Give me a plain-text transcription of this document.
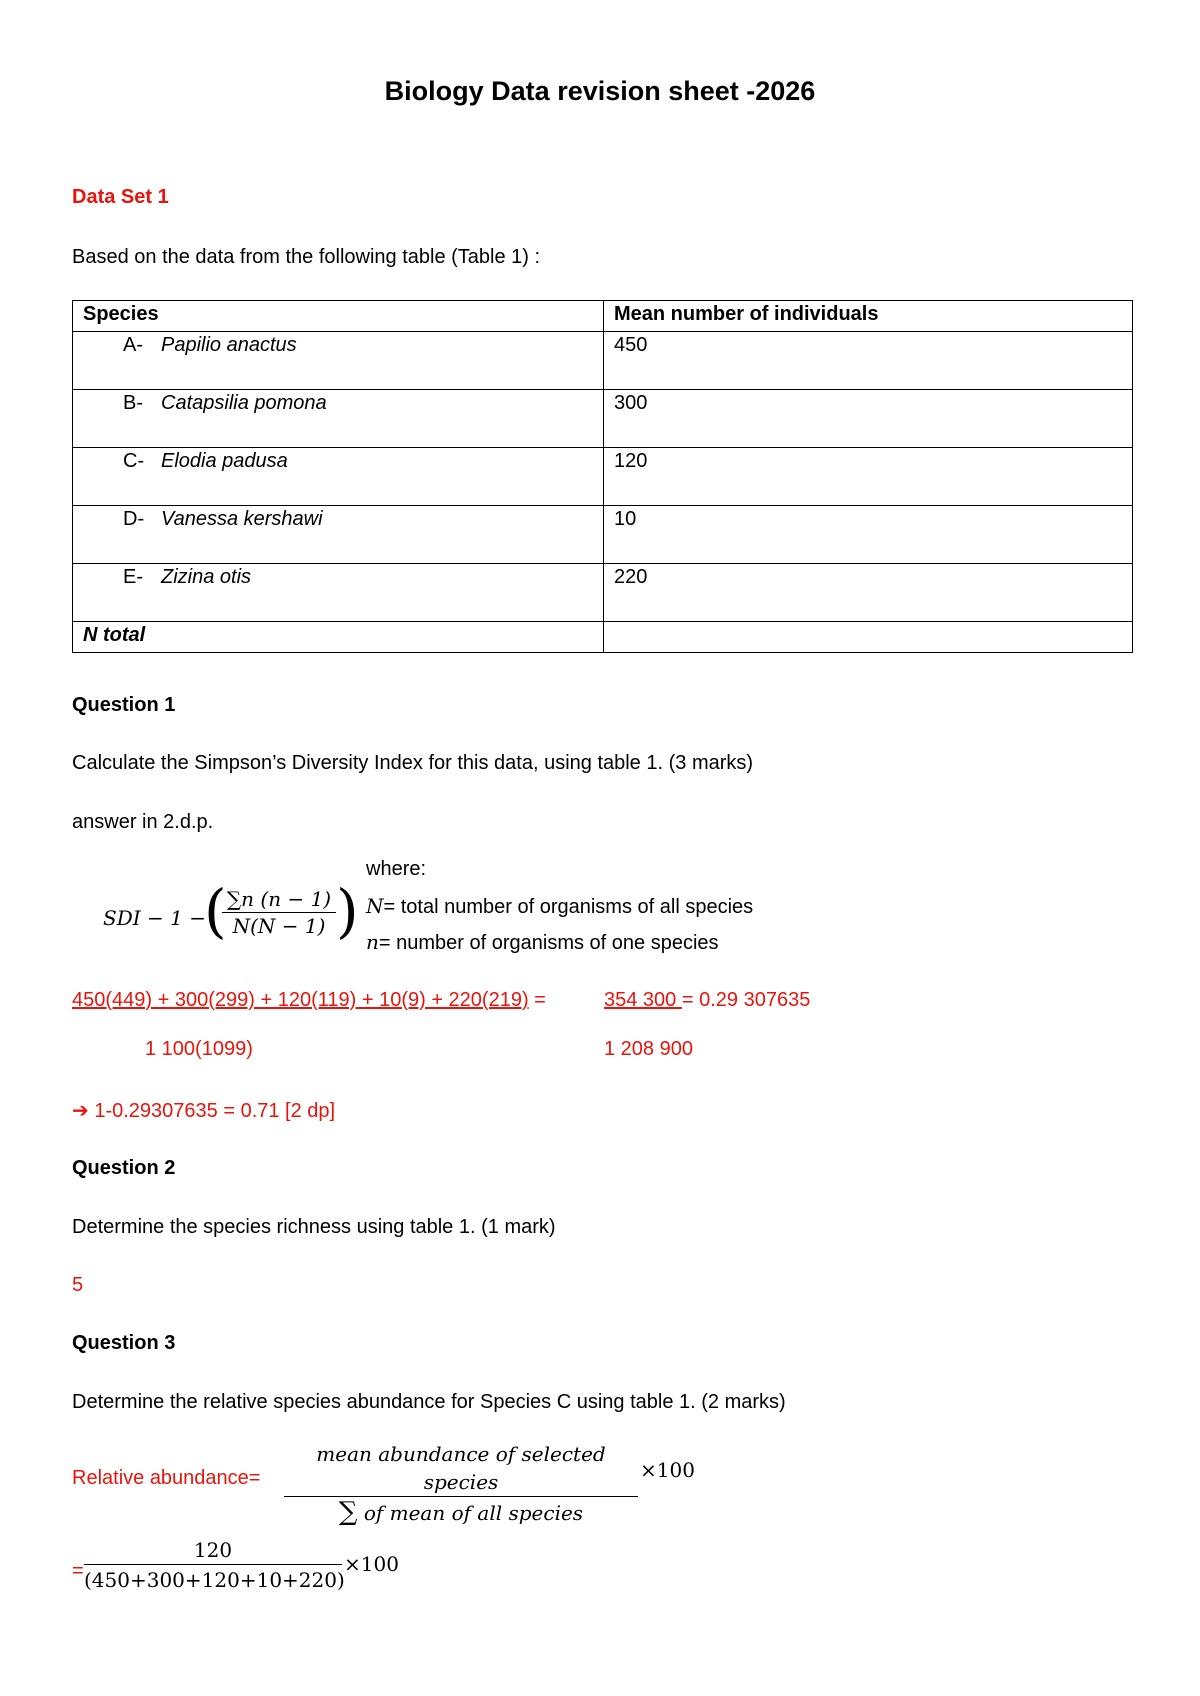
Biology Data revision sheet -2026
Data Set 1
Based on the data from the following table (Table 1) :
Species	Mean number of individuals
A- Papilio anactus	450
B- Catapsilia pomona	300
C- Elodia padusa	120
D- Vanessa kershawi	10
E- Zizina otis	220
N total	
Question 1
Calculate the Simpson’s Diversity Index for this data, using table 1. (3 marks)
answer in 2.d.p.
SDI − 1 −
( ∑n (n − 1)
N(N − 1) )
where:
N= total number of organisms of all species
n= number of organisms of one species
450(449) + 300(299) + 120(119) + 10(9) + 220(219) =	354 300 = 0.29 307635
1 100(1099)	1 208 900
➔ 1-0.29307635 = 0.71 [2 dp]
Question 2
Determine the species richness using table 1. (1 mark)
5
Question 3
Determine the relative species abundance for Species C using table 1. (2 marks)
Relative abundance=
mean abundance of selected species
∑ of mean of all species
×100
=
120
(450+300+120+10+220)
×100
